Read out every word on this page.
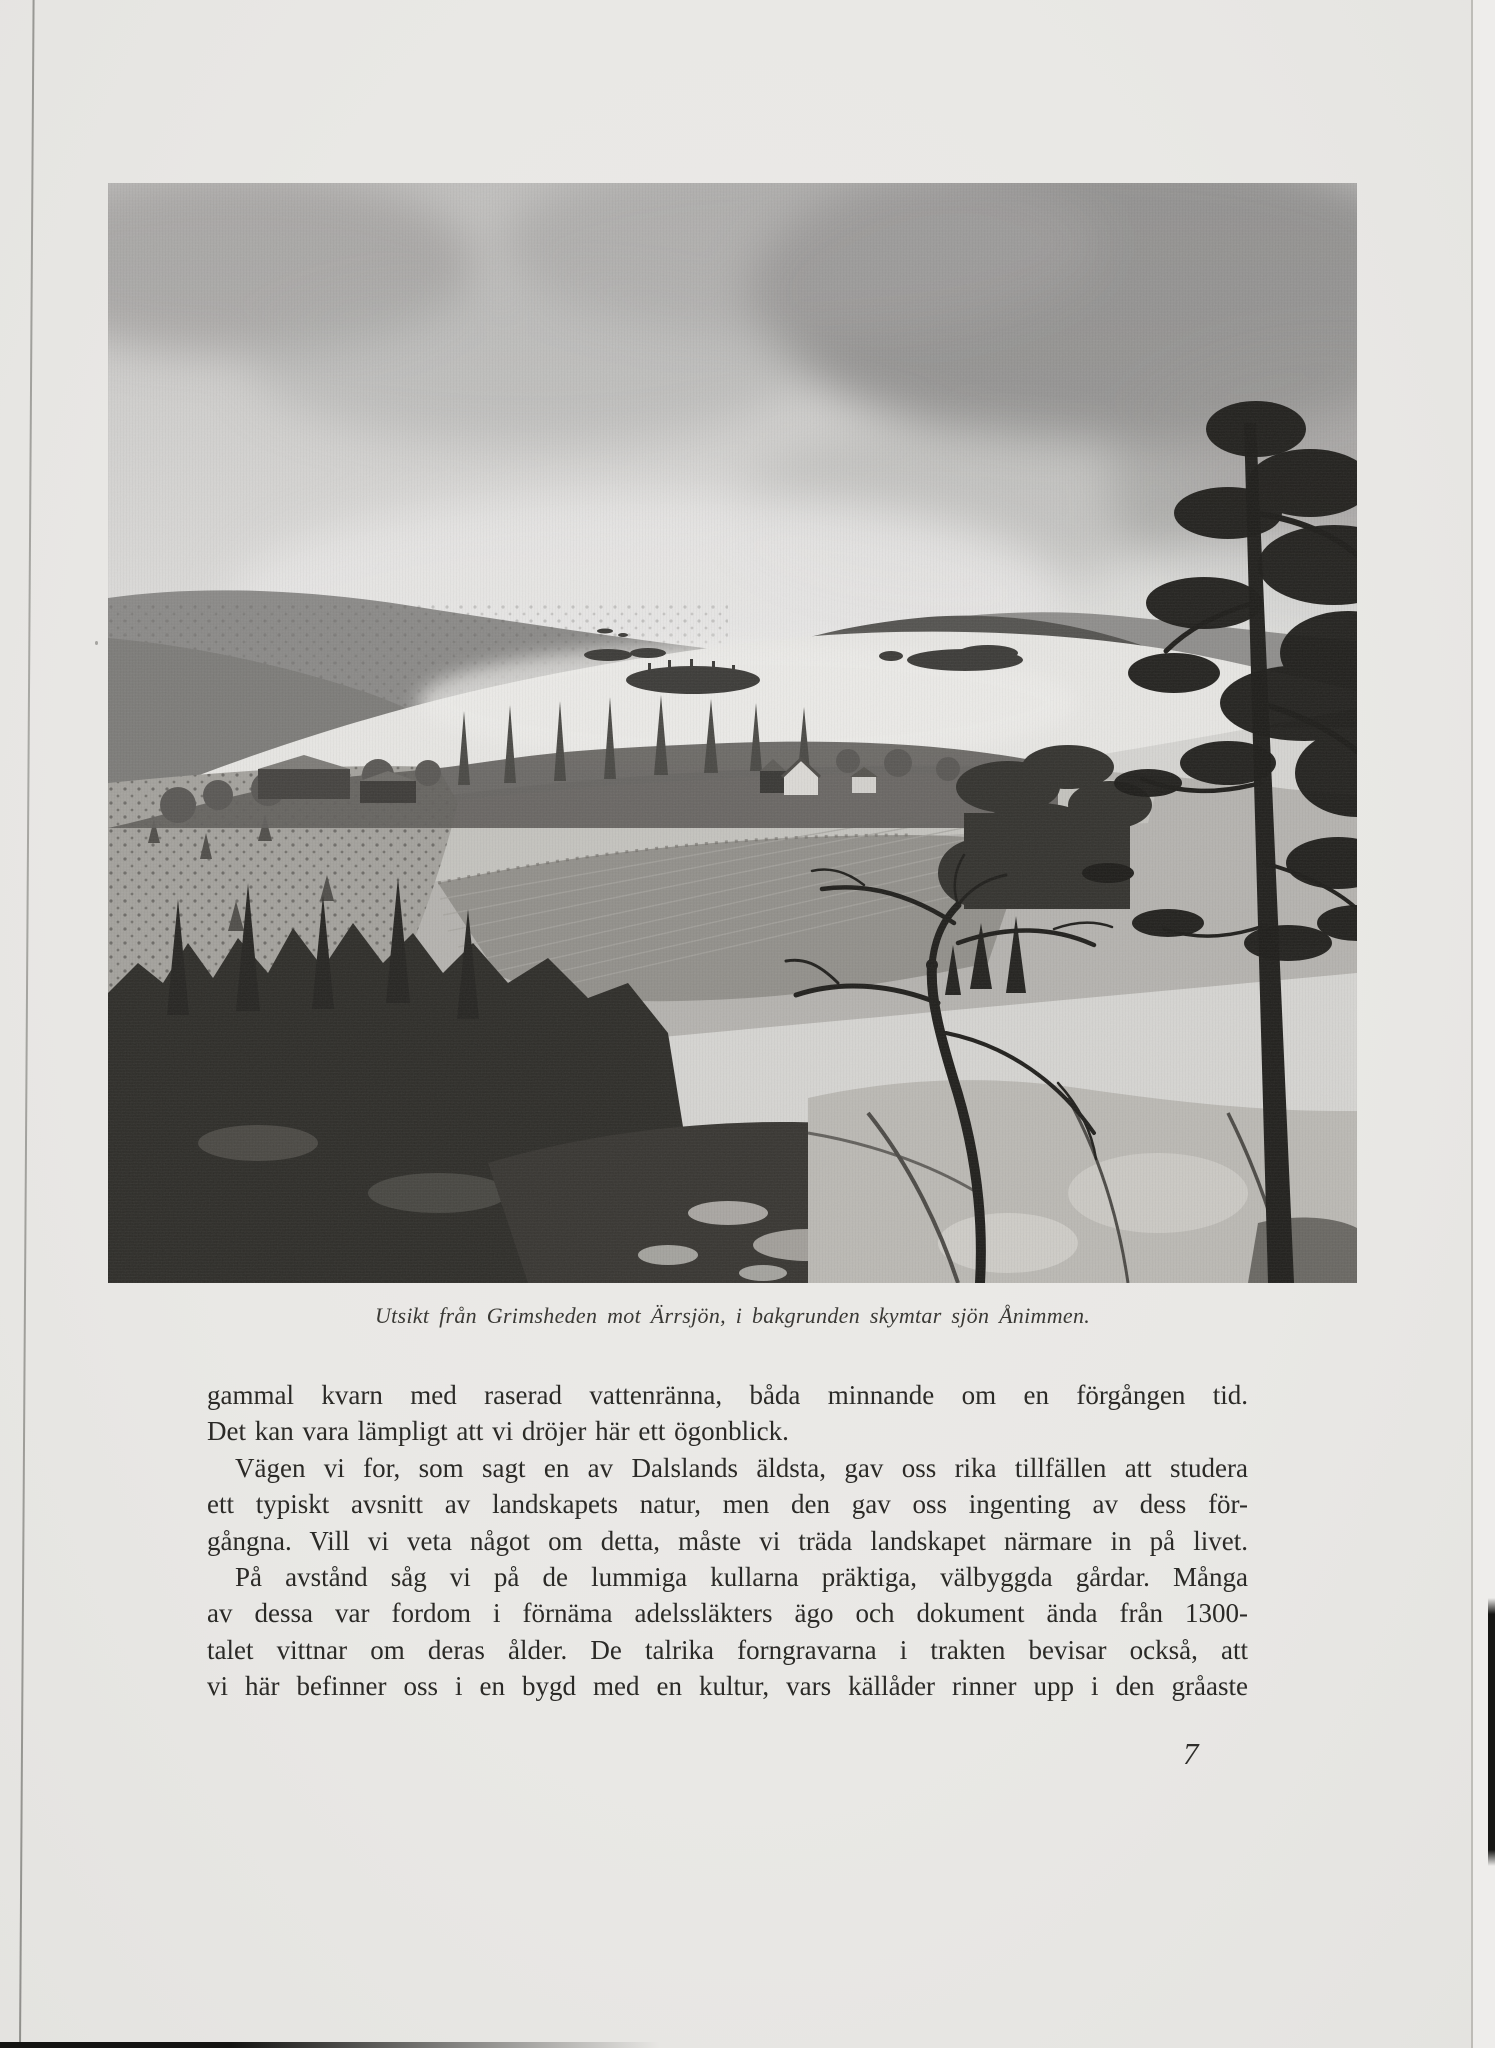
Utsikt från Grimsheden mot Ärrsjön, i bakgrunden skymtar sjön Ånimmen.
gammal kvarn med raserad vattenränna, båda minnande om en förgången tid.
Det kan vara lämpligt att vi dröjer här ett ögonblick.
Vägen vi for, som sagt en av Dalslands äldsta, gav oss rika tillfällen att studera
ett typiskt avsnitt av landskapets natur, men den gav oss ingenting av dess för-
gångna. Vill vi veta något om detta, måste vi träda landskapet närmare in på livet.
På avstånd såg vi på de lummiga kullarna präktiga, välbyggda gårdar. Många
av dessa var fordom i förnäma adelssläkters ägo och dokument ända från 1300-
talet vittnar om deras ålder. De talrika forngravarna i trakten bevisar också, att
vi här befinner oss i en bygd med en kultur, vars källåder rinner upp i den gråaste
7
